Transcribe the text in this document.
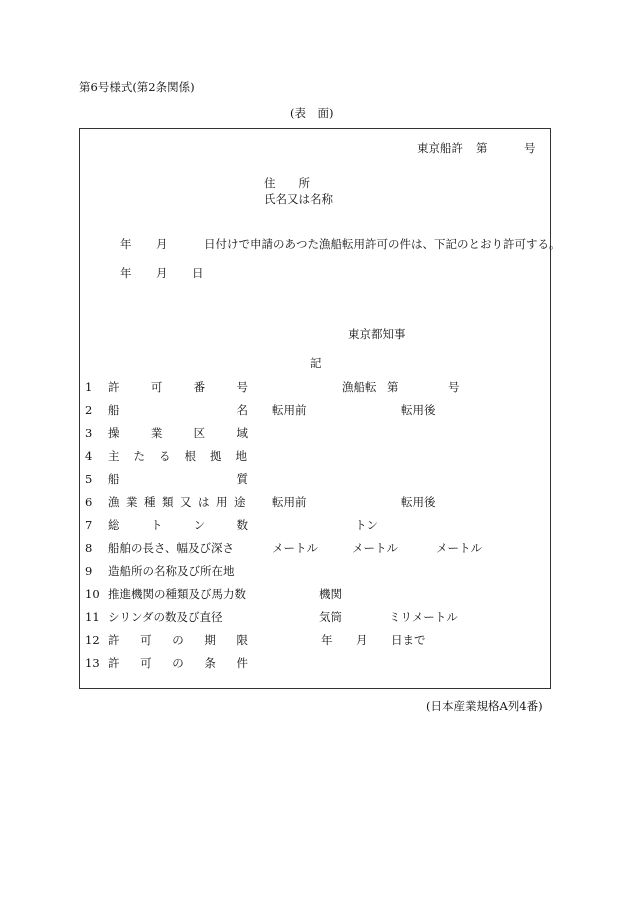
第6号様式(第2条関係)
(表　面)
東京船許 第	号
住　　所
氏名又は名称
年 月	日付けで申請のあつた漁船転用許可の件は、下記のとおり許可する。
年 月 日
東京都知事
記
1 許　可　番　号	漁船転 第	号
2 船　　　　名 転用前	転用後
3 操　業　区　域
4 主たる根拠地
5 船　　　　質
6 漁業種類又は用途	転用前	転用後
7 総　ト　ン　数	トン
8 船舶の長さ、幅及び深さ	メートル	メートル	メートル
9 造船所の名称及び所在地
10 推進機関の種類及び馬力数	機関
11 シリンダの数及び直径	気筒	ミリメートル
12 許　可　の　期　限	年 月 日まで
13 許　可　の　条　件
(日本産業規格A列4番)
